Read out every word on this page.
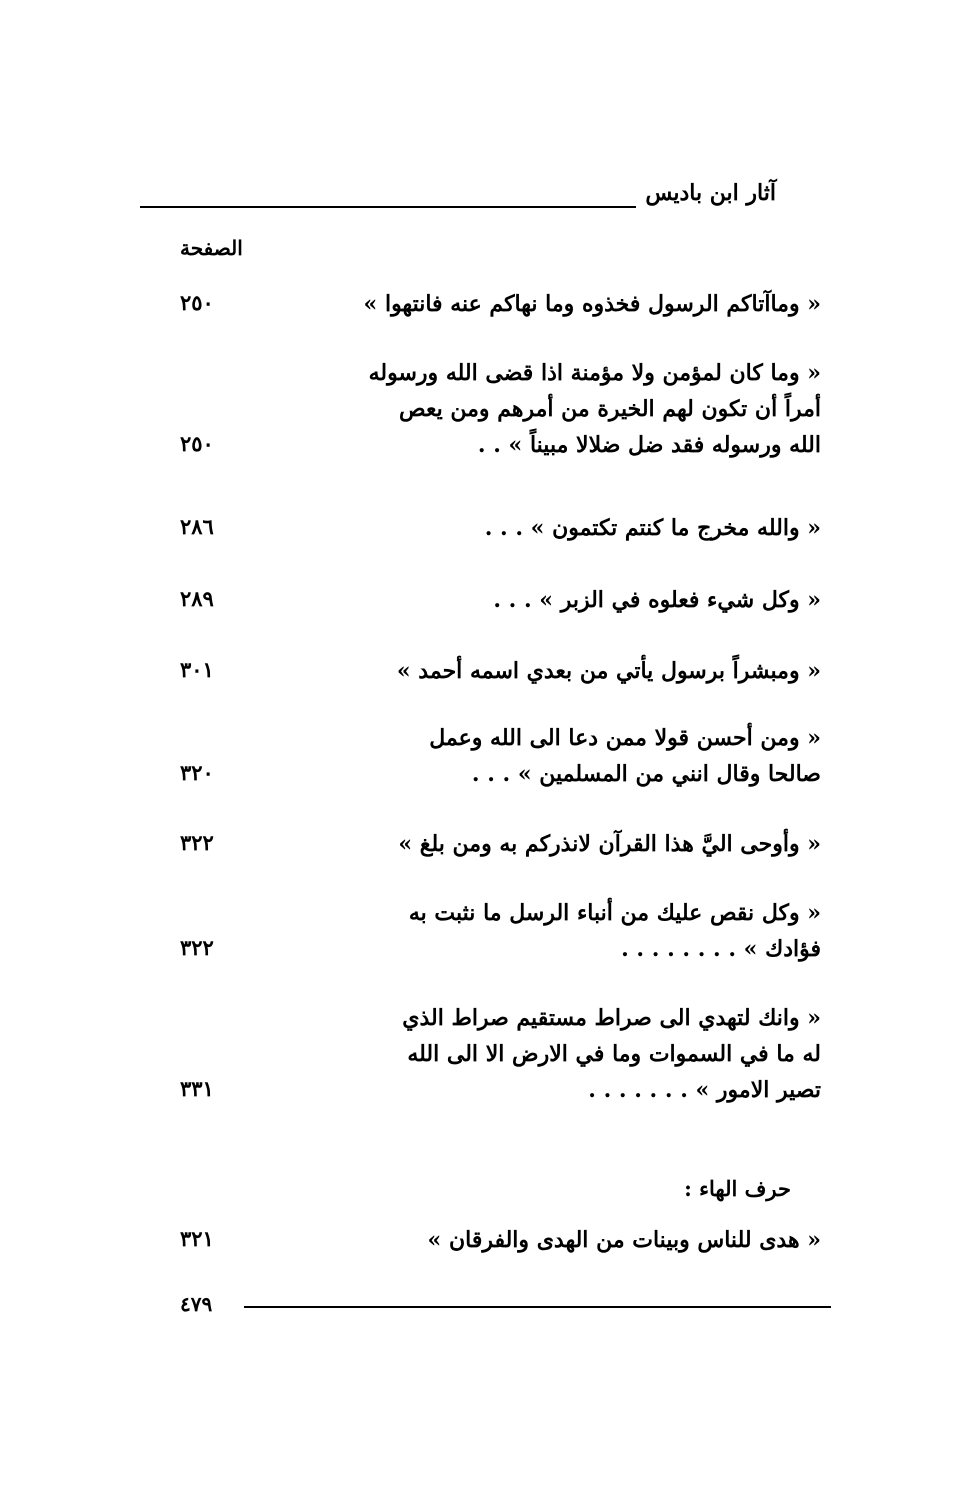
آثار ابن باديس
الصفحة
« وماآتاكم الرسول فخذوه وما نهاكم عنه فانتهوا »
٢٥٠
« وما كان لمؤمن ولا مؤمنة اذا قضى الله ورسوله
أمراً أن تكون لهم الخيرة من أمرهم ومن يعص
الله ورسوله فقد ضل ضلالا مبيناً » . .
٢٥٠
« والله مخرج ما كنتم تكتمون » . . .
٢٨٦
« وكل شيء فعلوه في الزبر » . . .
٢٨٩
« ومبشراً برسول يأتي من بعدي اسمه أحمد »
٣٠١
« ومن أحسن قولا ممن دعا الى الله وعمل
صالحا وقال انني من المسلمين » . . .
٣٢٠
« وأوحى اليَّ هذا القرآن لانذركم به ومن بلغ »
٣٢٢
« وكل نقص عليك من أنباء الرسل ما نثبت به
فؤادك » . . . . . . . .
٣٢٢
« وانك لتهدي الى صراط مستقيم صراط الذي
له ما في السموات وما في الارض الا الى الله
تصير الامور » . . . . . . .
٣٣١
« هدى للناس وبينات من الهدى والفرقان »
٣٢١
حرف الهاء :
٤٧٩
